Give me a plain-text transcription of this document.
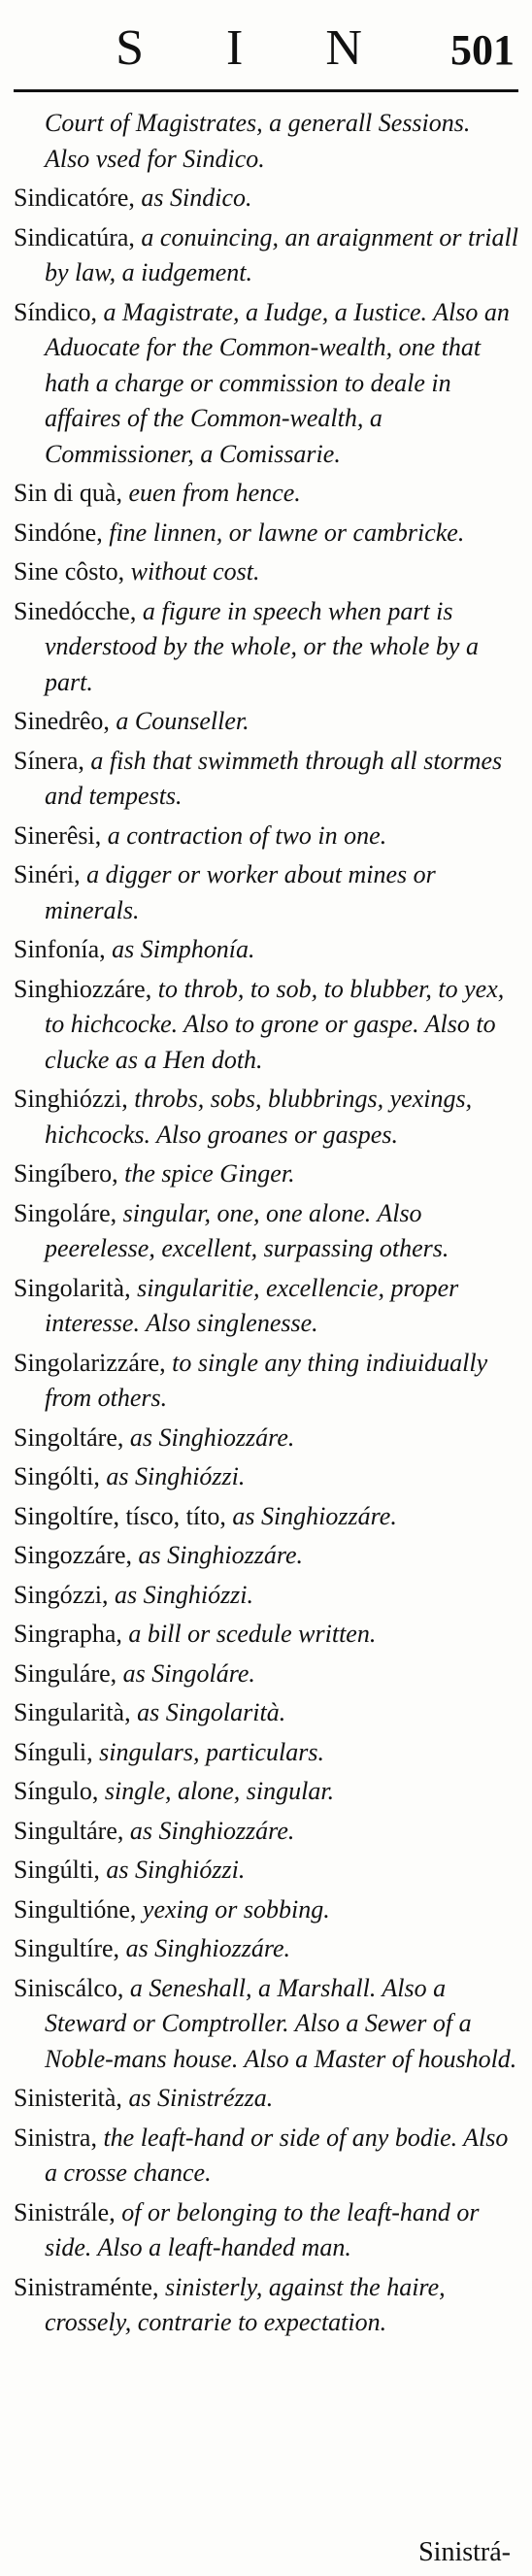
S I N	501
Court of Magistrates, a generall Sessions. Also vsed for Sindico.
Sindicatóre, as Sindico.
Sindicatúra, a conuincing, an araignment or triall by law, a iudgement.
Síndico, a Magistrate, a Iudge, a Iustice. Also an Aduocate for the Common-wealth, one that hath a charge or commission to deale in affaires of the Common-wealth, a Commissioner, a Comissarie.
Sin di quà, euen from hence.
Sindóne, fine linnen, or lawne or cambricke.
Sine côsto, without cost.
Sinedócche, a figure in speech when part is vnderstood by the whole, or the whole by a part.
Sinedrêo, a Counseller.
Sínera, a fish that swimmeth through all stormes and tempests.
Sinerêsi, a contraction of two in one.
Sinéri, a digger or worker about mines or minerals.
Sinfonía, as Simphonía.
Singhiozzáre, to throb, to sob, to blubber, to yex, to hichcocke. Also to grone or gaspe. Also to clucke as a Hen doth.
Singhiózzi, throbs, sobs, blubbrings, yexings, hichcocks. Also groanes or gaspes.
Singíbero, the spice Ginger.
Singoláre, singular, one, one alone. Also peerelesse, excellent, surpassing others.
Singolarità, singularitie, excellencie, proper interesse. Also singlenesse.
Singolarizzáre, to single any thing indiuidually from others.
Singoltáre, as Singhiozzáre.
Singólti, as Singhiózzi.
Singoltíre, tísco, títo, as Singhiozzáre.
Singozzáre, as Singhiozzáre.
Singózzi, as Singhiózzi.
Singrapha, a bill or scedule written.
Singuláre, as Singoláre.
Singularità, as Singolarità.
Sínguli, singulars, particulars.
Síngulo, single, alone, singular.
Singultáre, as Singhiozzáre.
Singúlti, as Singhiózzi.
Singultióne, yexing or sobbing.
Singultíre, as Singhiozzáre.
Siniscálco, a Seneshall, a Marshall. Also a Steward or Comptroller. Also a Sewer of a Noble-mans house. Also a Master of houshold.
Sinisterità, as Sinistrézza.
Sinistra, the leaft-hand or side of any bodie. Also a crosse chance.
Sinistrále, of or belonging to the leaft-hand or side. Also a leaft-handed man.
Sinistraménte, sinisterly, against the haire, crossely, contrarie to expectation.
Sinistrá-
